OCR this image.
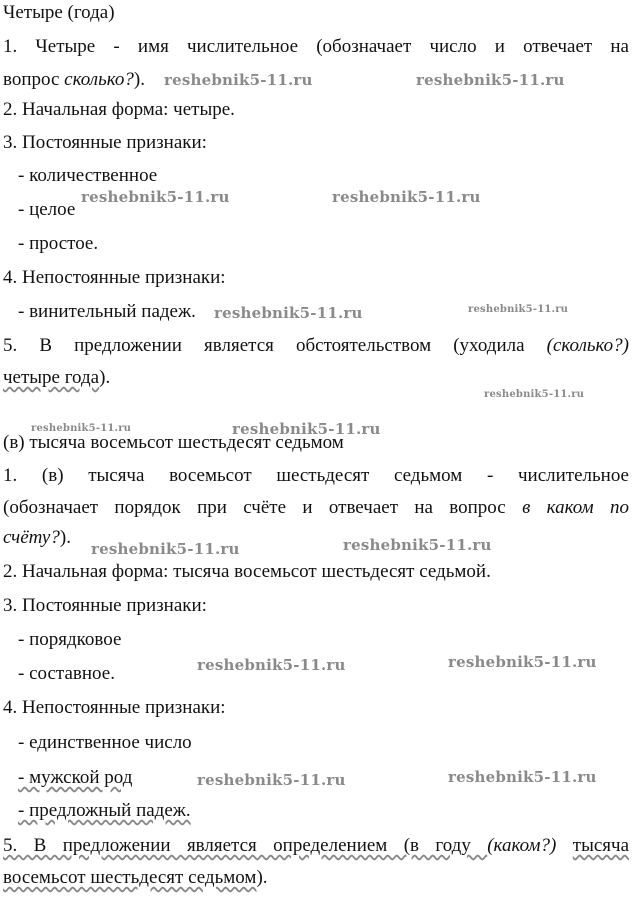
Четыре (года)

1. Четыре - имя числительное (обозначает число и отвечает на

вопрос сколько?).

2. Начальная форма: четыре.

3. Постоянные признаки:

- количественное

- целое

- простое.

4. Непостоянные признаки:

- винительный падеж.

5. В предложении является обстоятельством (уходила (сколько?)

четыре года).

(в) тысяча восемьсот шестьдесят седьмом

1. (в) тысяча восемьсот шестьдесят седьмом - числительное

(обозначает порядок при счёте и отвечает на вопрос в каком по

счёту?).

2. Начальная форма: тысяча восемьсот шестьдесят седьмой.

3. Постоянные признаки:

- порядковое

- составное.

4. Непостоянные признаки:

- единственное число

- мужской род

- предложный падеж.

5. В предложении является определением (в году (каком?) тысяча

восемьсот шестьдесят седьмом).

reshebnik5-11.ru	reshebnik5-11.ru
reshebnik5-11.ru	reshebnik5-11.ru
reshebnik5-11.ru	reshebnik5-11.ru
reshebnik5-11.ru
reshebnik5-11.ru	reshebnik5-11.ru
reshebnik5-11.ru	reshebnik5-11.ru
reshebnik5-11.ru	reshebnik5-11.ru
reshebnik5-11.ru	reshebnik5-11.ru
